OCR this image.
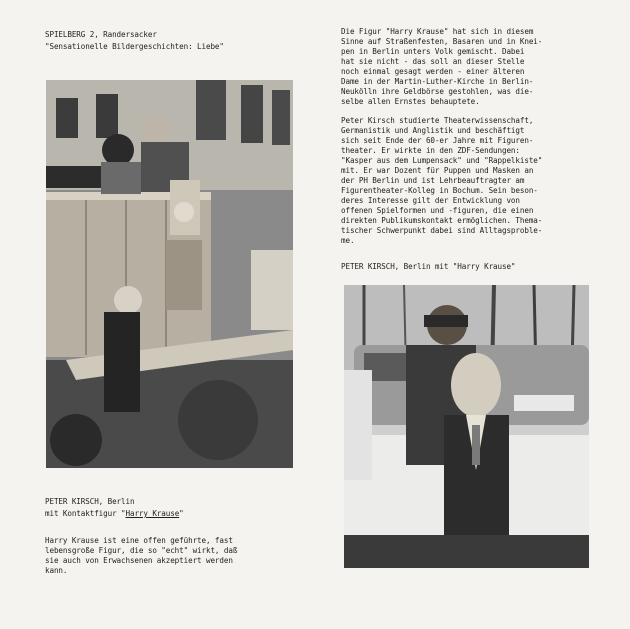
SPIELBERG 2, Randersacker
"Sensationelle Bildergeschichten: Liebe"
PETER KIRSCH, Berlin
mit Kontaktfigur "Harry Krause"
Harry Krause ist eine offen geführte, fast
lebensgroße Figur, die so "echt" wirkt, daß
sie auch von Erwachsenen akzeptiert werden
kann.
Die Figur "Harry Krause" hat sich in diesem
Sinne auf Straßenfesten, Basaren und in Knei-
pen in Berlin unters Volk gemischt. Dabei
hat sie nicht - das soll an dieser Stelle
noch einmal gesagt werden - einer älteren
Dame in der Martin-Luther-Kirche in Berlin-
Neukölln ihre Geldbörse gestohlen, was die-
selbe allen Ernstes behauptete.
Peter Kirsch studierte Theaterwissenschaft,
Germanistik und Anglistik und beschäftigt
sich seit Ende der 60-er Jahre mit Figuren-
theater. Er wirkte in den ZDF-Sendungen:
"Kasper aus dem Lumpensack" und "Rappelkiste"
mit. Er war Dozent für Puppen und Masken an
der PH Berlin und ist Lehrbeauftragter am
Figurentheater-Kolleg in Bochum. Sein beson-
deres Interesse gilt der Entwicklung von
offenen Spielformen und -figuren, die einen
direkten Publikumskontakt ermöglichen. Thema-
tischer Schwerpunkt dabei sind Alltagsproble-
me.
PETER KIRSCH, Berlin mit "Harry Krause"
